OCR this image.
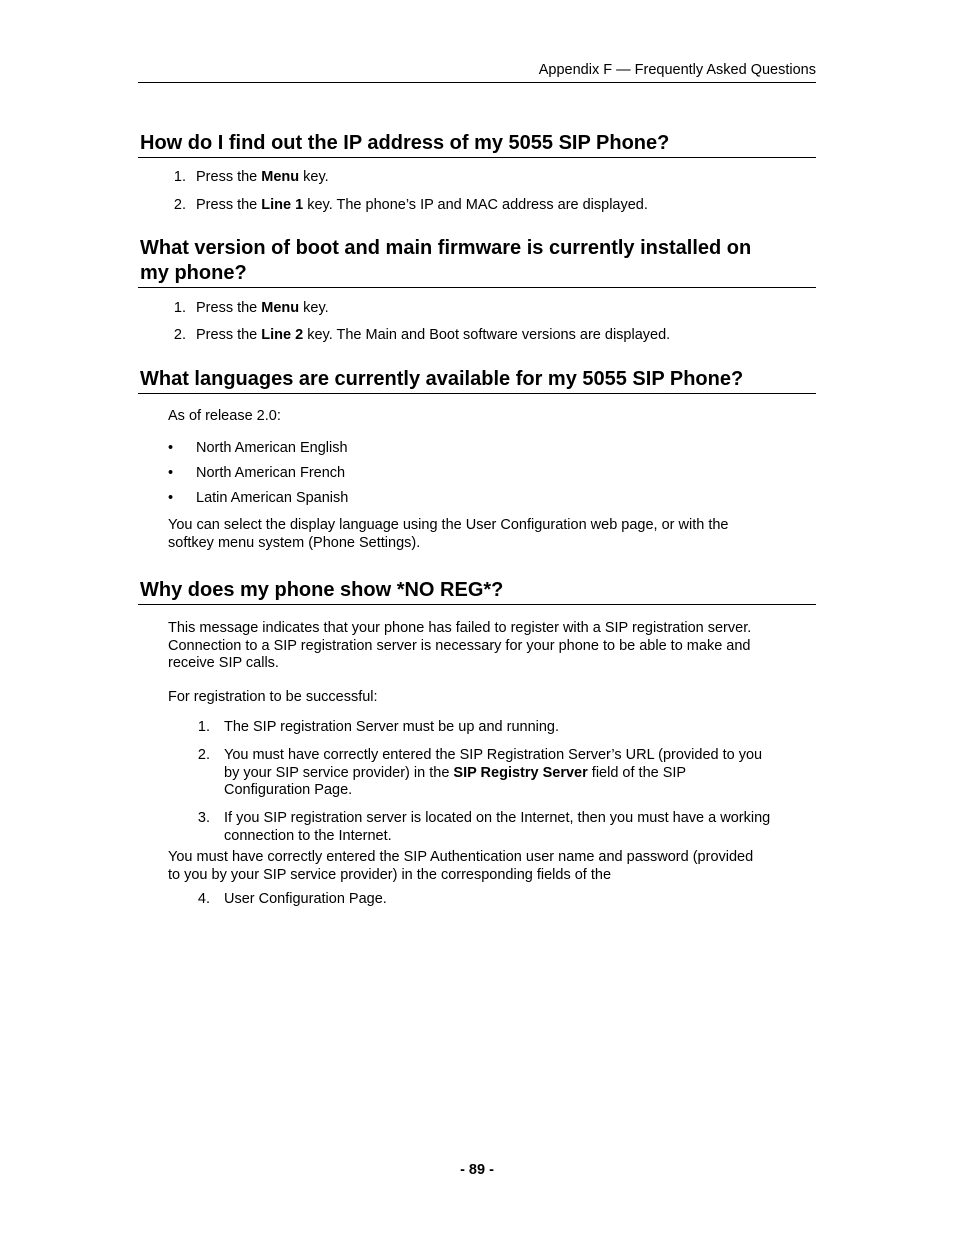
Appendix F — Frequently Asked Questions
How do I find out the IP address of my 5055 SIP Phone?
1. Press the Menu key.

2. Press the Line 1 key. The phone’s IP and MAC address are displayed.

What version of boot and main firmware is currently installed on
my phone?
1. Press the Menu key.

2. Press the Line 2 key. The Main and Boot software versions are displayed.

What languages are currently available for my 5055 SIP Phone?

As of release 2.0:

• North American English

• North American French

• Latin American Spanish

You can select the display language using the User Configuration web page, or with the
softkey menu system (Phone Settings).

Why does my phone show *NO REG*?

This message indicates that your phone has failed to register with a SIP registration server.
Connection to a SIP registration server is necessary for your phone to be able to make and
receive SIP calls.

For registration to be successful:

1. The SIP registration Server must be up and running.

2. You must have correctly entered the SIP Registration Server’s URL (provided to you
by your SIP service provider) in the SIP Registry Server field of the SIP
Configuration Page.

3. If you SIP registration server is located on the Internet, then you must have a working
connection to the Internet.

You must have correctly entered the SIP Authentication user name and password (provided
to you by your SIP service provider) in the corresponding fields of the

4. User Configuration Page.

- 89 -
